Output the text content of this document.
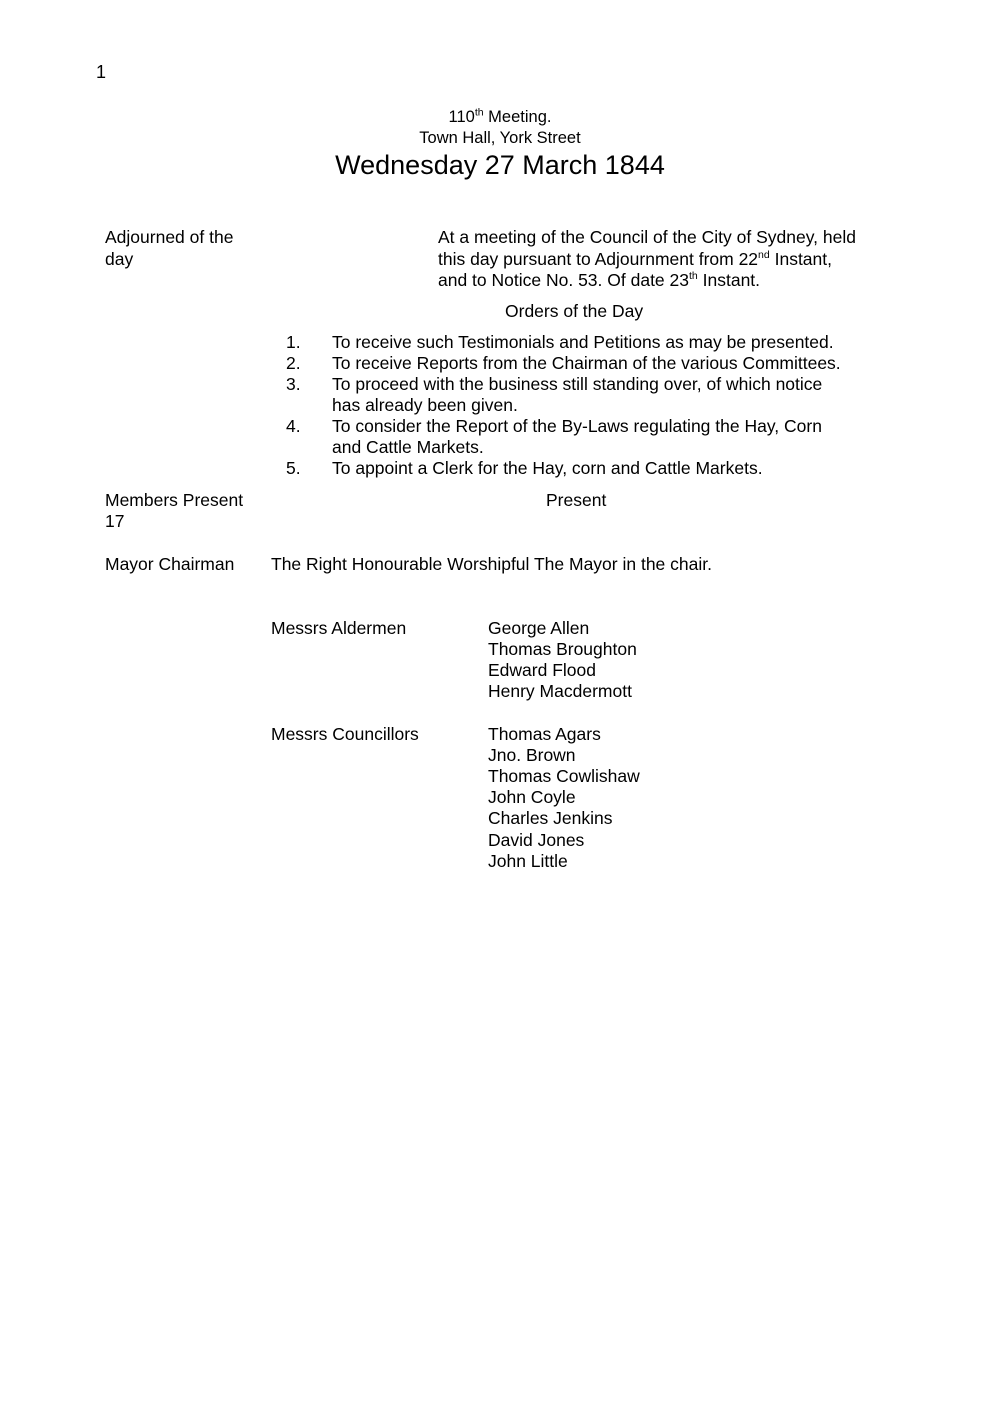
1
110th Meeting.
Town Hall, York Street
Wednesday 27 March 1844
Adjourned of the
day
At a meeting of the Council of the City of Sydney, held
this day pursuant to Adjournment from 22nd Instant,
and to Notice No. 53. Of date 23th Instant.
Orders of the Day
1. To receive such Testimonials and Petitions as may be presented.
2. To receive Reports from the Chairman of the various Committees.
3. To proceed with the business still standing over, of which notice
has already been given.
4. To consider the Report of the By-Laws regulating the Hay, Corn
and Cattle Markets.
5. To appoint a Clerk for the Hay, corn and Cattle Markets.
Members Present
17
Present
Mayor Chairman The Right Honourable Worshipful The Mayor in the chair.
Messrs Aldermen	George Allen
Thomas Broughton
Edward Flood
Henry Macdermott
Messrs Councillors	Thomas Agars
Jno. Brown
Thomas Cowlishaw
John Coyle
Charles Jenkins
David Jones
John Little
